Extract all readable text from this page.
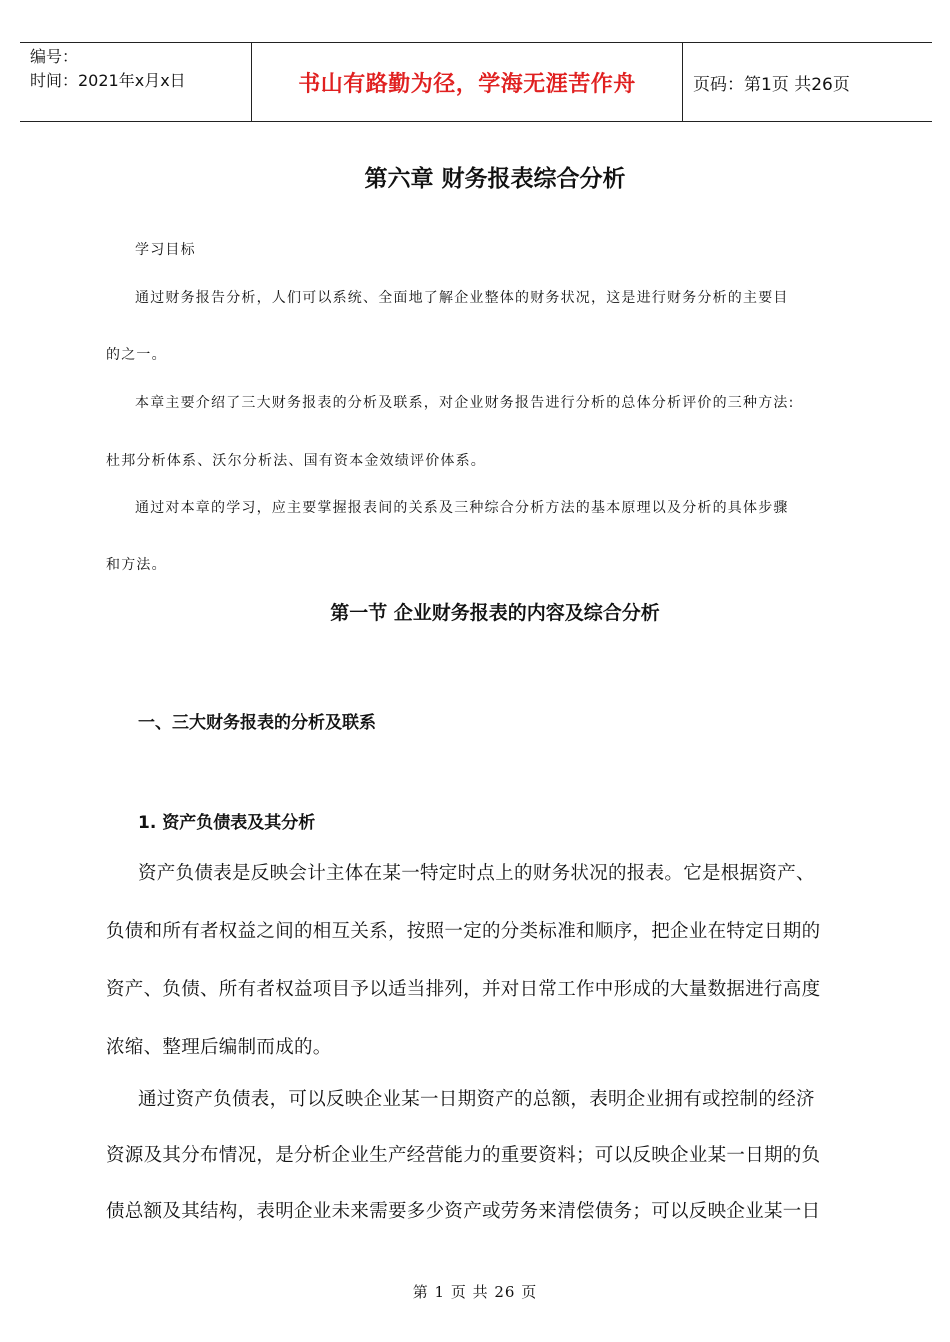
编号：
时间：2021年x月x日	书山有路勤为径，学海无涯苦作舟	页码：第1页 共26页
第六章 财务报表综合分析
学习目标
通过财务报告分析，人们可以系统、全面地了解企业整体的财务状况，这是进行财务分析的主要目
的之一。
本章主要介绍了三大财务报表的分析及联系，对企业财务报告进行分析的总体分析评价的三种方法:
杜邦分析体系、沃尔分析法、国有资本金效绩评价体系。
通过对本章的学习，应主要掌握报表间的关系及三种综合分析方法的基本原理以及分析的具体步骤
和方法。
第一节 企业财务报表的内容及综合分析
一、三大财务报表的分析及联系
1. 资产负债表及其分析
资产负债表是反映会计主体在某一特定时点上的财务状况的报表。它是根据资产、
负债和所有者权益之间的相互关系，按照一定的分类标准和顺序，把企业在特定日期的
资产、负债、所有者权益项目予以适当排列，并对日常工作中形成的大量数据进行高度
浓缩、整理后编制而成的。
通过资产负债表，可以反映企业某一日期资产的总额，表明企业拥有或控制的经济
资源及其分布情况，是分析企业生产经营能力的重要资料；可以反映企业某一日期的负
债总额及其结构，表明企业未来需要多少资产或劳务来清偿债务；可以反映企业某一日
第 1 页 共 26 页
